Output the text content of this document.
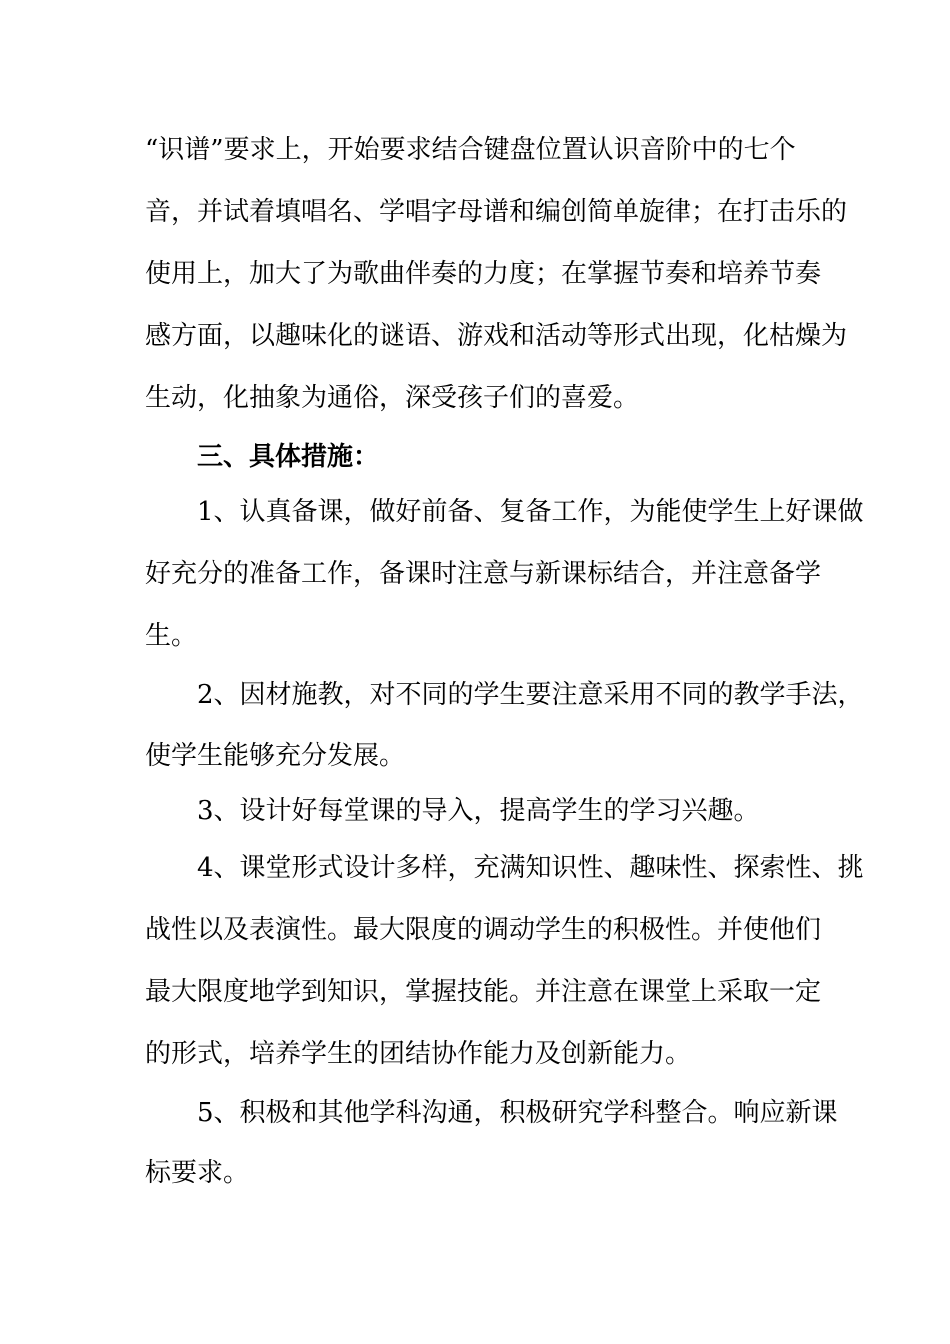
“识谱”要求上，开始要求结合键盘位置认识音阶中的七个
音，并试着填唱名、学唱字母谱和编创简单旋律；在打击乐的
使用上，加大了为歌曲伴奏的力度；在掌握节奏和培养节奏
感方面，以趣味化的谜语、游戏和活动等形式出现，化枯燥为
生动，化抽象为通俗，深受孩子们的喜爱。
三、具体措施：
1、认真备课，做好前备、复备工作，为能使学生上好课做
好充分的准备工作，备课时注意与新课标结合，并注意备学
生。
2、因材施教，对不同的学生要注意采用不同的教学手法，
使学生能够充分发展。
3、设计好每堂课的导入，提高学生的学习兴趣。
4、课堂形式设计多样，充满知识性、趣味性、探索性、挑
战性以及表演性。最大限度的调动学生的积极性。并使他们
最大限度地学到知识，掌握技能。并注意在课堂上采取一定
的形式，培养学生的团结协作能力及创新能力。
5、积极和其他学科沟通，积极研究学科整合。响应新课
标要求。
